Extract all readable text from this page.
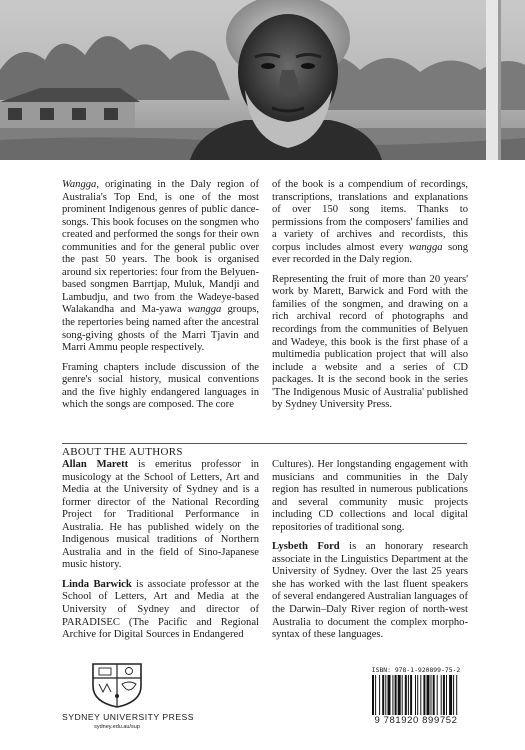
Wangga, originating in the Daly region of Australia's Top End, is one of the most prominent Indigenous genres of public dance-songs. This book focuses on the songmen who created and performed the songs for their own communities and for the general public over the past 50 years. The book is organised around six repertories: four from the Belyuen-based songmen Barrtjap, Muluk, Mandji and Lambudju, and two from the Wadeye-based Walakandha and Ma-yawa wangga groups, the repertories being named after the ancestral song-giving ghosts of the Marri Tjavin and Marri Ammu people respectively.

Framing chapters include discussion of the genre's social history, musical conventions and the five highly endangered languages in which the songs are composed. The core

of the book is a compendium of recordings, transcriptions, translations and explanations of over 150 song items. Thanks to permissions from the composers' families and a variety of archives and recordists, this corpus includes almost every wangga song ever recorded in the Daly region.

Representing the fruit of more than 20 years' work by Marett, Barwick and Ford with the families of the songmen, and drawing on a rich archival record of photographs and recordings from the communities of Belyuen and Wadeye, this book is the first phase of a multimedia publication project that will also include a website and a series of CD packages. It is the second book in the series 'The Indigenous Music of Australia' published by Sydney University Press.

ABOUT THE AUTHORS

Allan Marett is emeritus professor in musicology at the School of Letters, Art and Media at the University of Sydney and is a former director of the National Recording Project for Traditional Performance in Australia. He has published widely on the Indigenous musical traditions of Northern Australia and in the field of Sino-Japanese music history.

Linda Barwick is associate professor at the School of Letters, Art and Media at the University of Sydney and director of PARADISEC (The Pacific and Regional Archive for Digital Sources in Endangered

Cultures). Her longstanding engagement with musicians and communities in the Daly region has resulted in numerous publications and several community music projects including CD collections and local digital repositories of traditional song.

Lysbeth Ford is an honorary research associate in the Linguistics Department at the University of Sydney. Over the last 25 years she has worked with the last fluent speakers of several endangered Australian languages of the Darwin–Daly River region of north-west Australia to document the complex morpho-syntax of these languages.

SYDNEY UNIVERSITY PRESS
sydney.edu.au/sup
ISBN: 978-1-920899-75-2
9 781920 899752
